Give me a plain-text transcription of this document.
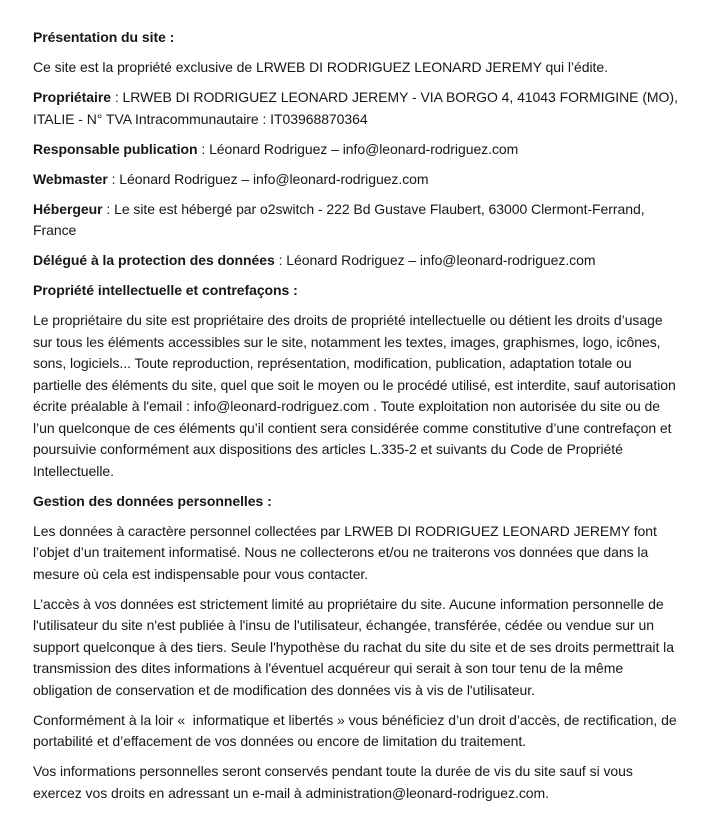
Présentation du site :

Ce site est la propriété exclusive de LRWEB DI RODRIGUEZ LEONARD JEREMY qui l’édite.

Propriétaire : LRWEB DI RODRIGUEZ LEONARD JEREMY - VIA BORGO 4, 41043 FORMIGINE (MO), ITALIE - N° TVA Intracommunautaire : IT03968870364

Responsable publication : Léonard Rodriguez – info@leonard-rodriguez.com

Webmaster : Léonard Rodriguez – info@leonard-rodriguez.com

Hébergeur : Le site est hébergé par o2switch - 222 Bd Gustave Flaubert, 63000 Clermont-Ferrand, France

Délégué à la protection des données : Léonard Rodriguez – info@leonard-rodriguez.com

Propriété intellectuelle et contrefaçons :

Le propriétaire du site est propriétaire des droits de propriété intellectuelle ou détient les droits d’usage sur tous les éléments accessibles sur le site, notamment les textes, images, graphismes, logo, icônes, sons, logiciels... Toute reproduction, représentation, modification, publication, adaptation totale ou partielle des éléments du site, quel que soit le moyen ou le procédé utilisé, est interdite, sauf autorisation écrite préalable à l'email : info@leonard-rodriguez.com . Toute exploitation non autorisée du site ou de l’un quelconque de ces éléments qu’il contient sera considérée comme constitutive d’une contrefaçon et poursuivie conformément aux dispositions des articles L.335-2 et suivants du Code de Propriété Intellectuelle.

Gestion des données personnelles :

Les données à caractère personnel collectées par LRWEB DI RODRIGUEZ LEONARD JEREMY font l’objet d’un traitement informatisé. Nous ne collecterons et/ou ne traiterons vos données que dans la mesure où cela est indispensable pour vous contacter.

L’accès à vos données est strictement limité au propriétaire du site. Aucune information personnelle de l'utilisateur du site n'est publiée à l'insu de l'utilisateur, échangée, transférée, cédée ou vendue sur un support quelconque à des tiers. Seule l'hypothèse du rachat du site du site et de ses droits permettrait la transmission des dites informations à l'éventuel acquéreur qui serait à son tour tenu de la même obligation de conservation et de modification des données vis à vis de l'utilisateur.

Conformément à la loir «  informatique et libertés » vous bénéficiez d’un droit d’accès, de rectification, de portabilité et d’effacement de vos données ou encore de limitation du traitement.

Vos informations personnelles seront conservés pendant toute la durée de vis du site sauf si vous exercez vos droits en adressant un e-mail à administration@leonard-rodriguez.com.
